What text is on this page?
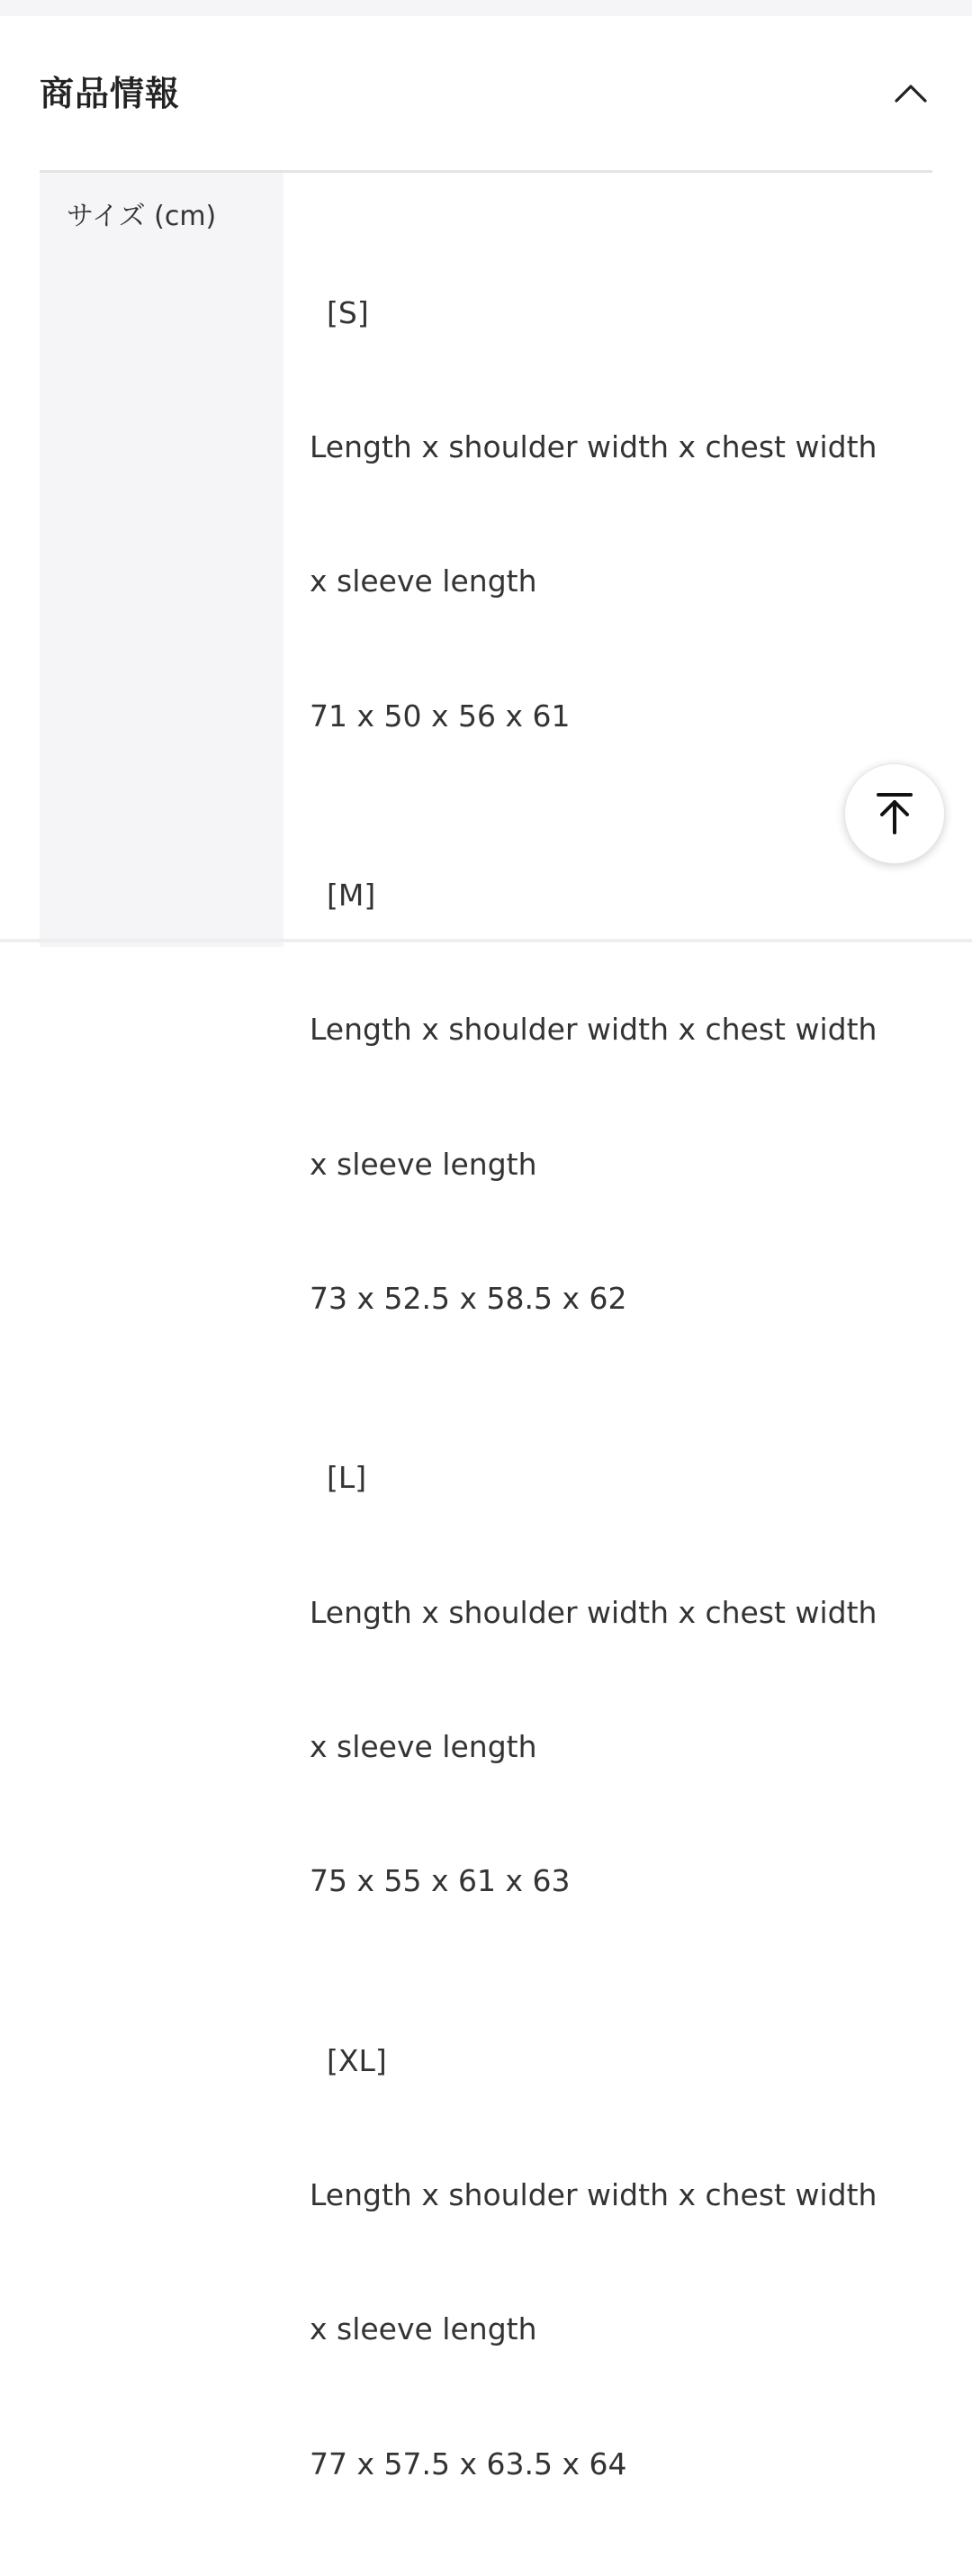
商品情報
サイズ (cm)

[S]

Length x shoulder width x chest width

x sleeve length

71 x 50 x 56 x 61

[M]

Length x shoulder width x chest width

x sleeve length

73 x 52.5 x 58.5 x 62

[L]

Length x shoulder width x chest width

x sleeve length

75 x 55 x 61 x 63

[XL]

Length x shoulder width x chest width

x sleeve length

77 x 57.5 x 63.5 x 64
